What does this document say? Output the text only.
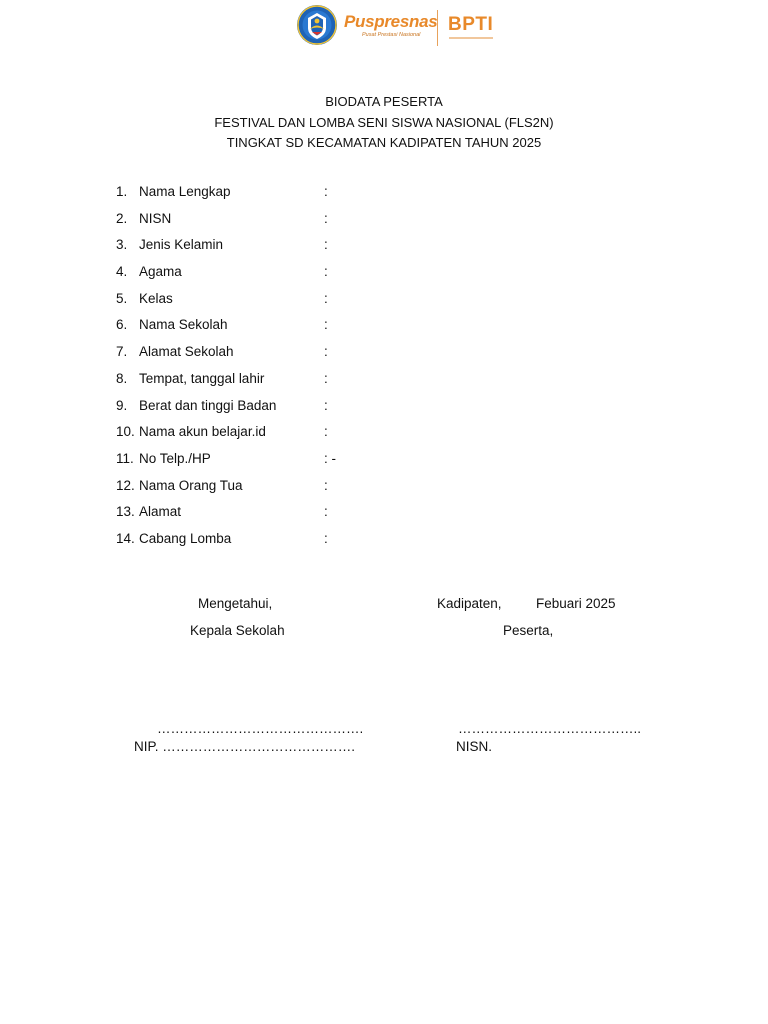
Puspresnas
Pusat Prestasi Nasional BPTI
BIODATA PESERTA
FESTIVAL DAN LOMBA SENI SISWA NASIONAL (FLS2N)
TINGKAT SD KECAMATAN KADIPATEN TAHUN 2025
1. Nama Lengkap	:
2. NISN	:
3. Jenis Kelamin	:
4. Agama	:
5. Kelas	:
6. Nama Sekolah	:
7. Alamat Sekolah	:
8. Tempat, tanggal lahir	:
9. Berat dan tinggi Badan	:
10. Nama akun belajar.id	:
11. No Telp./HP	: -
12. Nama Orang Tua	:
13. Alamat	:
14. Cabang Lomba	:
Mengetahui,
Kepala Sekolah
……………………………………….
NIP. …………………………………….
Kadipaten,	Febuari 2025
Peserta,
…………………………………..
NISN.
